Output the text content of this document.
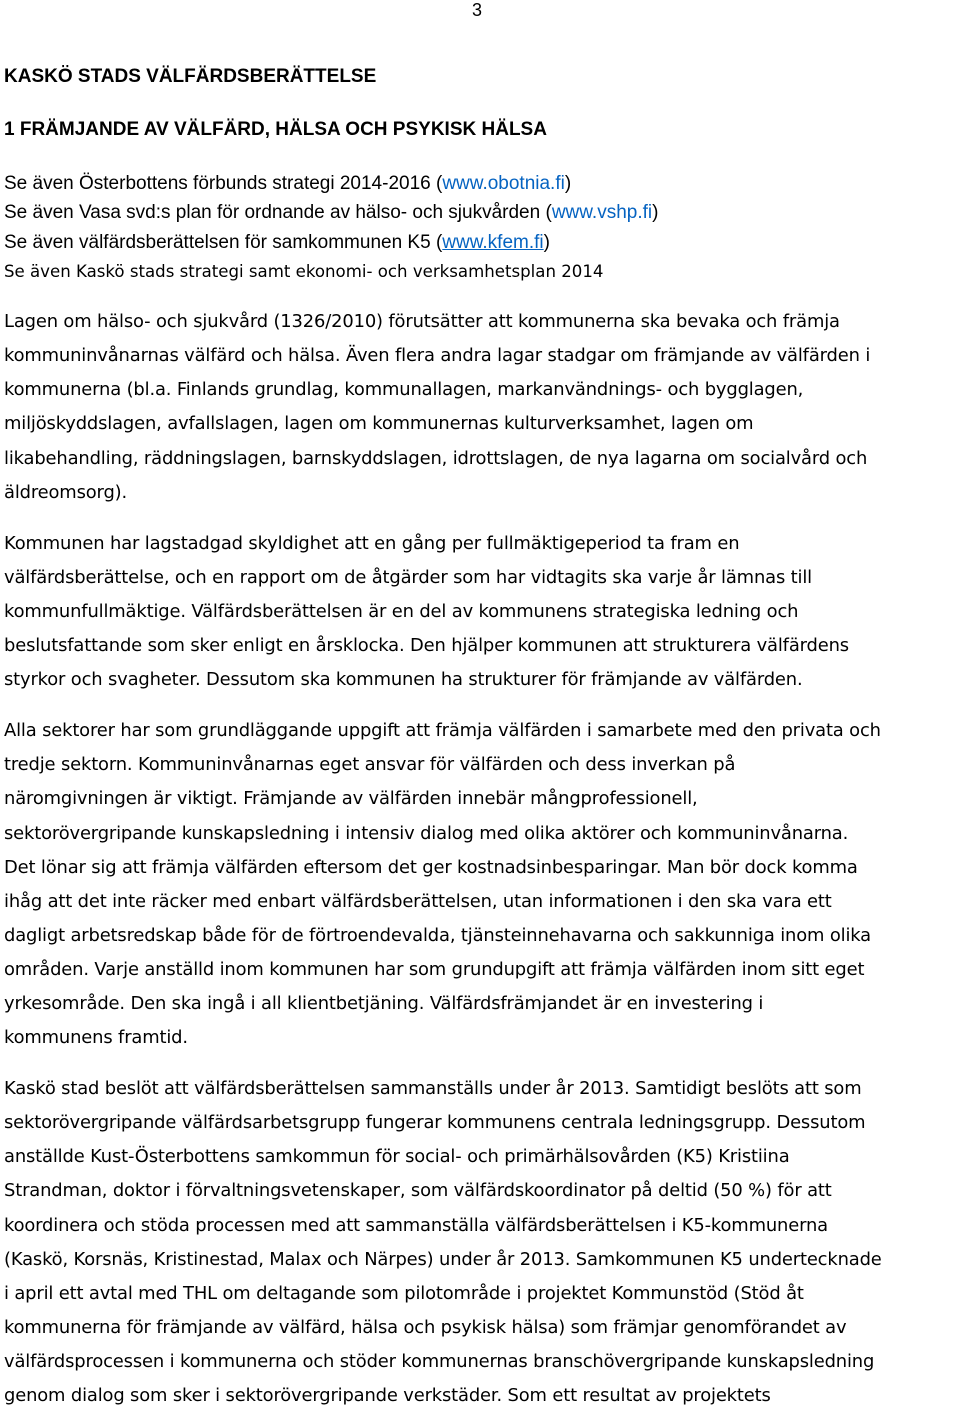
3
KASKÖ STADS VÄLFÄRDSBERÄTTELSE
1 FRÄMJANDE AV VÄLFÄRD, HÄLSA OCH PSYKISK HÄLSA
Se även Österbottens förbunds strategi 2014-2016 (www.obotnia.fi)
Se även Vasa svd:s plan för ordnande av hälso- och sjukvården (www.vshp.fi)
Se även välfärdsberättelsen för samkommunen K5 (www.kfem.fi)
Se även Kaskö stads strategi samt ekonomi- och verksamhetsplan 2014

Lagen om hälso- och sjukvård (1326/2010) förutsätter att kommunerna ska bevaka och främja
kommuninvånarnas välfärd och hälsa. Även flera andra lagar stadgar om främjande av välfärden i
kommunerna (bl.a. Finlands grundlag, kommunallagen, markanvändnings- och bygglagen,
miljöskyddslagen, avfallslagen, lagen om kommunernas kulturverksamhet, lagen om
likabehandling, räddningslagen, barnskyddslagen, idrottslagen, de nya lagarna om socialvård och
äldreomsorg).

Kommunen har lagstadgad skyldighet att en gång per fullmäktigeperiod ta fram en
välfärdsberättelse, och en rapport om de åtgärder som har vidtagits ska varje år lämnas till
kommunfullmäktige. Välfärdsberättelsen är en del av kommunens strategiska ledning och
beslutsfattande som sker enligt en årsklocka. Den hjälper kommunen att strukturera välfärdens
styrkor och svagheter. Dessutom ska kommunen ha strukturer för främjande av välfärden.

Alla sektorer har som grundläggande uppgift att främja välfärden i samarbete med den privata och
tredje sektorn. Kommuninvånarnas eget ansvar för välfärden och dess inverkan på
näromgivningen är viktigt. Främjande av välfärden innebär mångprofessionell,
sektorövergripande kunskapsledning i intensiv dialog med olika aktörer och kommuninvånarna.
Det lönar sig att främja välfärden eftersom det ger kostnadsinbesparingar. Man bör dock komma
ihåg att det inte räcker med enbart välfärdsberättelsen, utan informationen i den ska vara ett
dagligt arbetsredskap både för de förtroendevalda, tjänsteinnehavarna och sakkunniga inom olika
områden. Varje anställd inom kommunen har som grundupgift att främja välfärden inom sitt eget
yrkesområde. Den ska ingå i all klientbetjäning. Välfärdsfrämjandet är en investering i
kommunens framtid.

Kaskö stad beslöt att välfärdsberättelsen sammanställs under år 2013. Samtidigt beslöts att som
sektorövergripande välfärdsarbetsgrupp fungerar kommunens centrala ledningsgrupp. Dessutom
anställde Kust-Österbottens samkommun för social- och primärhälsovården (K5) Kristiina
Strandman, doktor i förvaltningsvetenskaper, som välfärdskoordinator på deltid (50 %) för att
koordinera och stöda processen med att sammanställa välfärdsberättelsen i K5-kommunerna
(Kaskö, Korsnäs, Kristinestad, Malax och Närpes) under år 2013. Samkommunen K5 undertecknade
i april ett avtal med THL om deltagande som pilotområde i projektet Kommunstöd (Stöd åt
kommunerna för främjande av välfärd, hälsa och psykisk hälsa) som främjar genomförandet av
välfärdsprocessen i kommunerna och stöder kommunernas branschövergripande kunskapsledning
genom dialog som sker i sektorövergripande verkstäder. Som ett resultat av projektets
